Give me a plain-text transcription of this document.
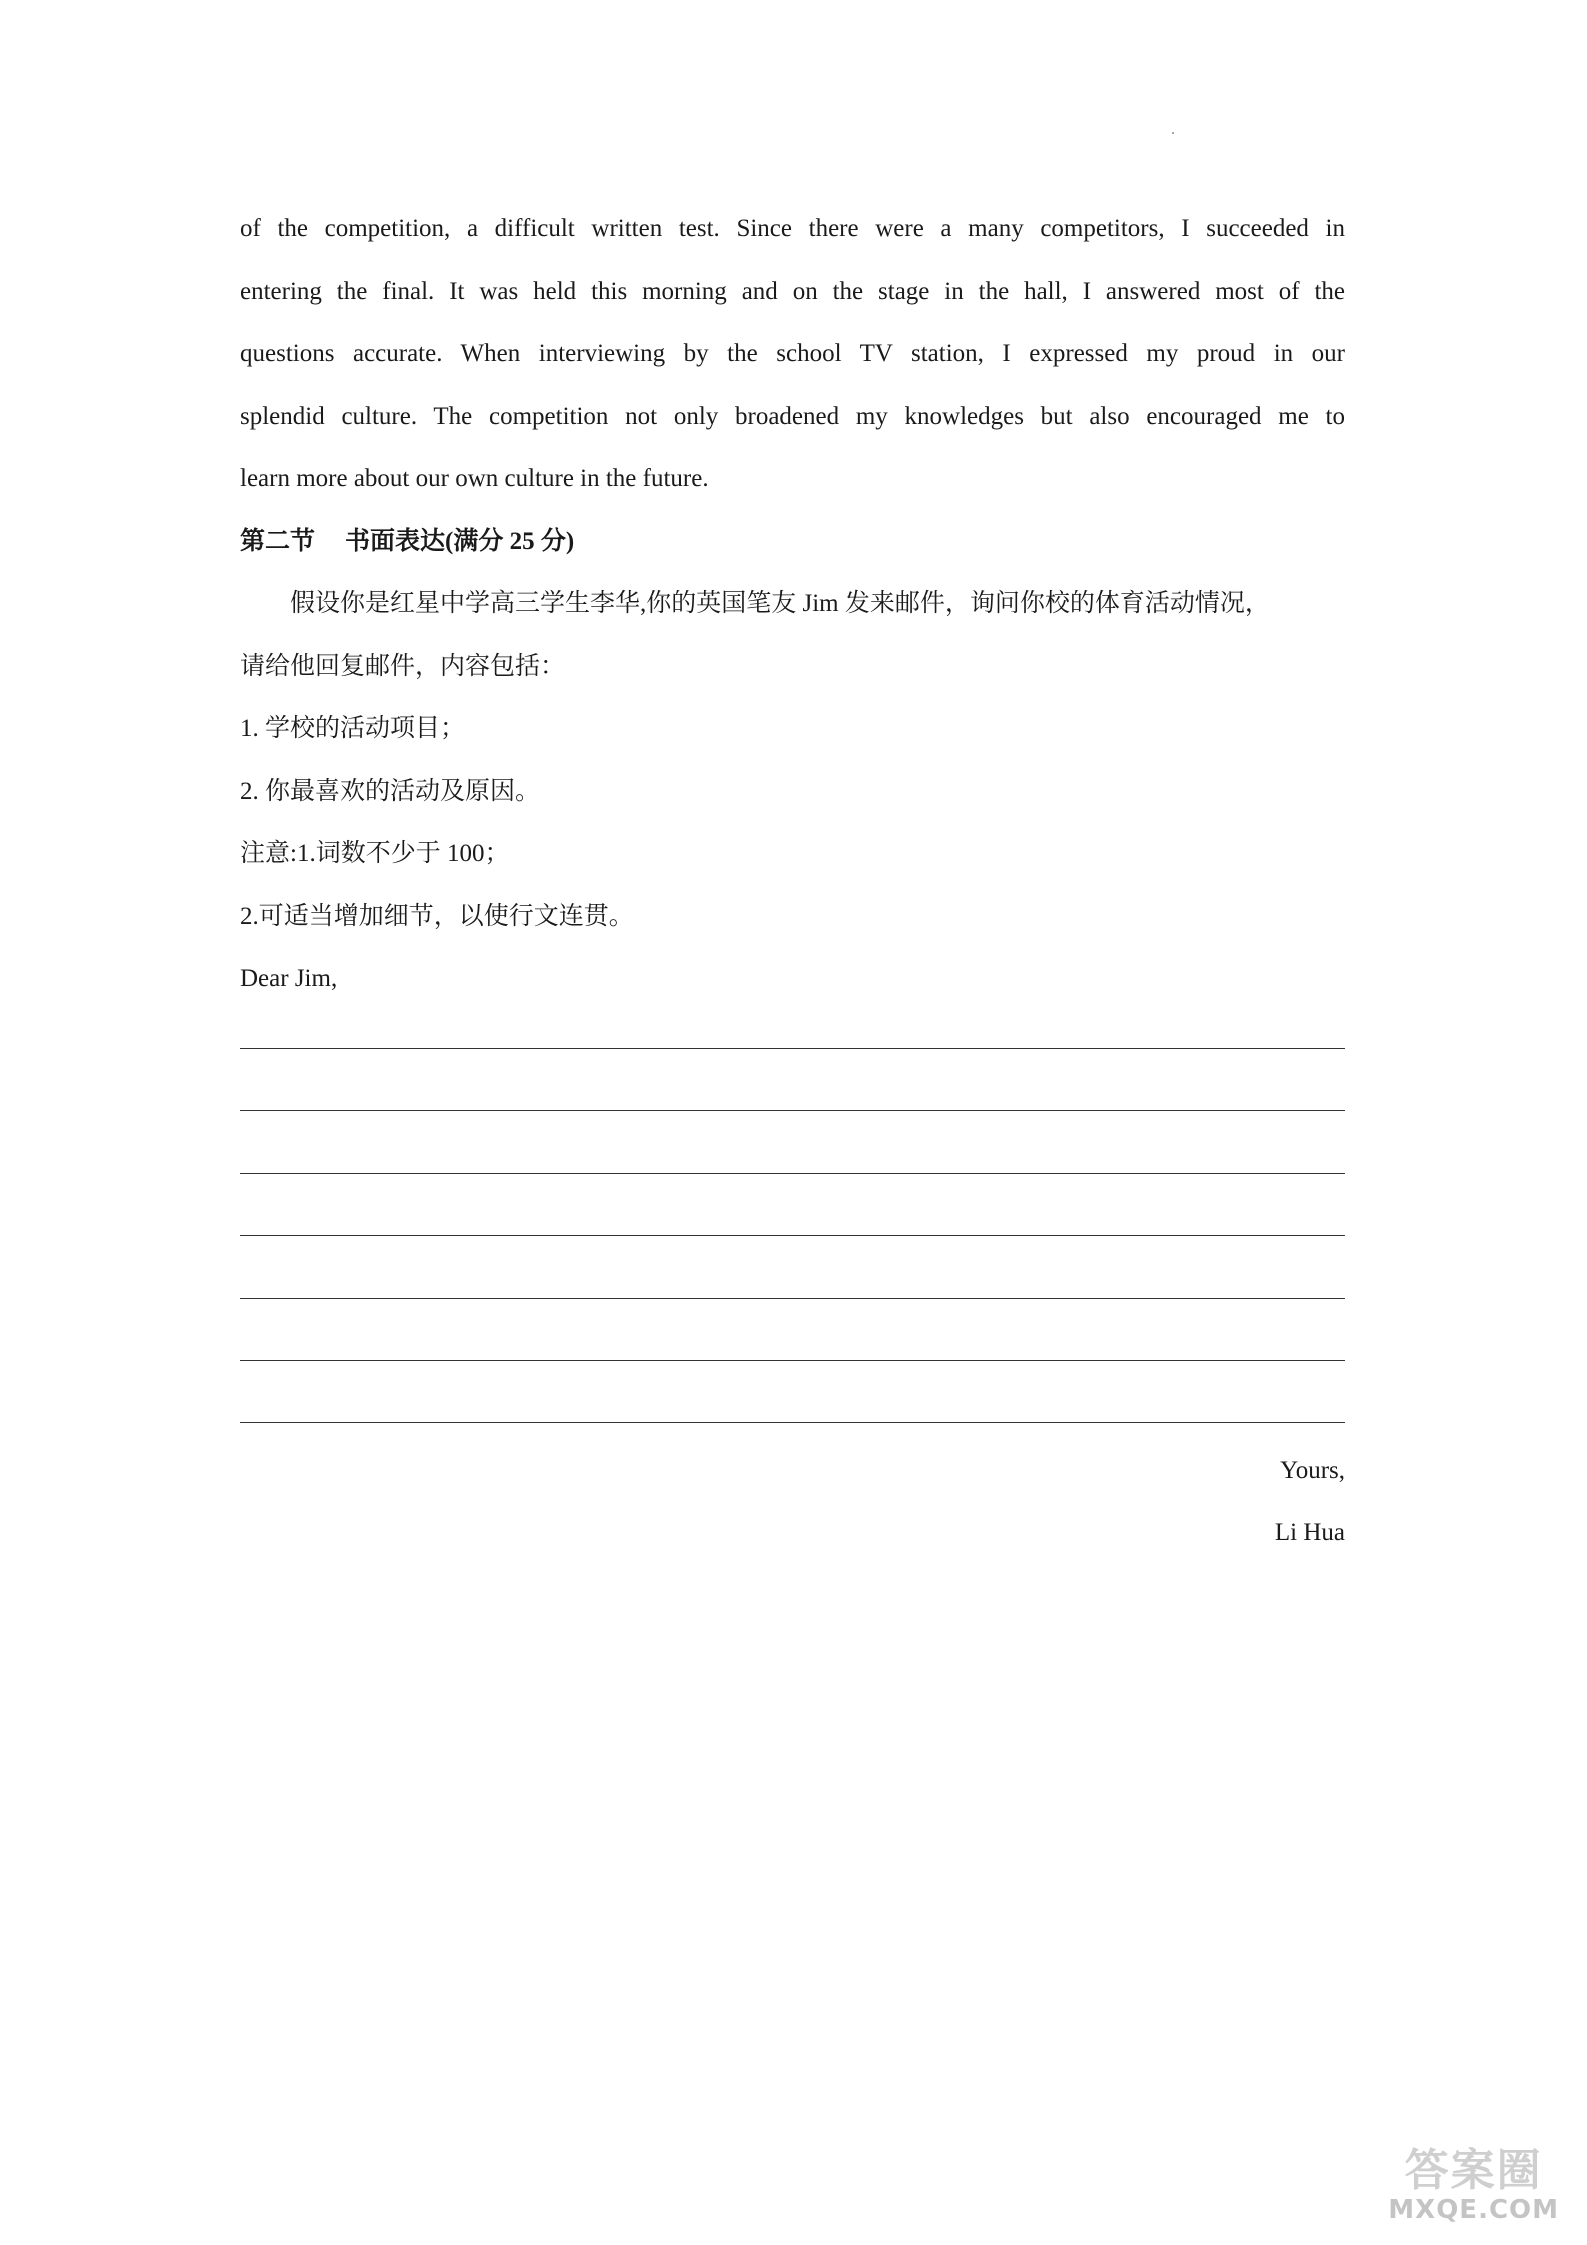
of the competition, a difficult written test. Since there were a many competitors, I succeeded in
entering the final. It was held this morning and on the stage in the hall, I answered most of the
questions accurate. When interviewing by the school TV station, I expressed my proud in our
splendid culture. The competition not only broadened my knowledges but also encouraged me to
learn more about our own culture in the future.
第二节 书面表达(满分 25 分)
假设你是红星中学高三学生李华,你的英国笔友 Jim 发来邮件，询问你校的体育活动情况，
请给他回复邮件，内容包括：
1. 学校的活动项目；
2. 你最喜欢的活动及原因。
注意:1.词数不少于 100；
2.可适当增加细节，以使行文连贯。
Dear Jim,
Yours,
Li Hua
答案圈
MXQE.COM
